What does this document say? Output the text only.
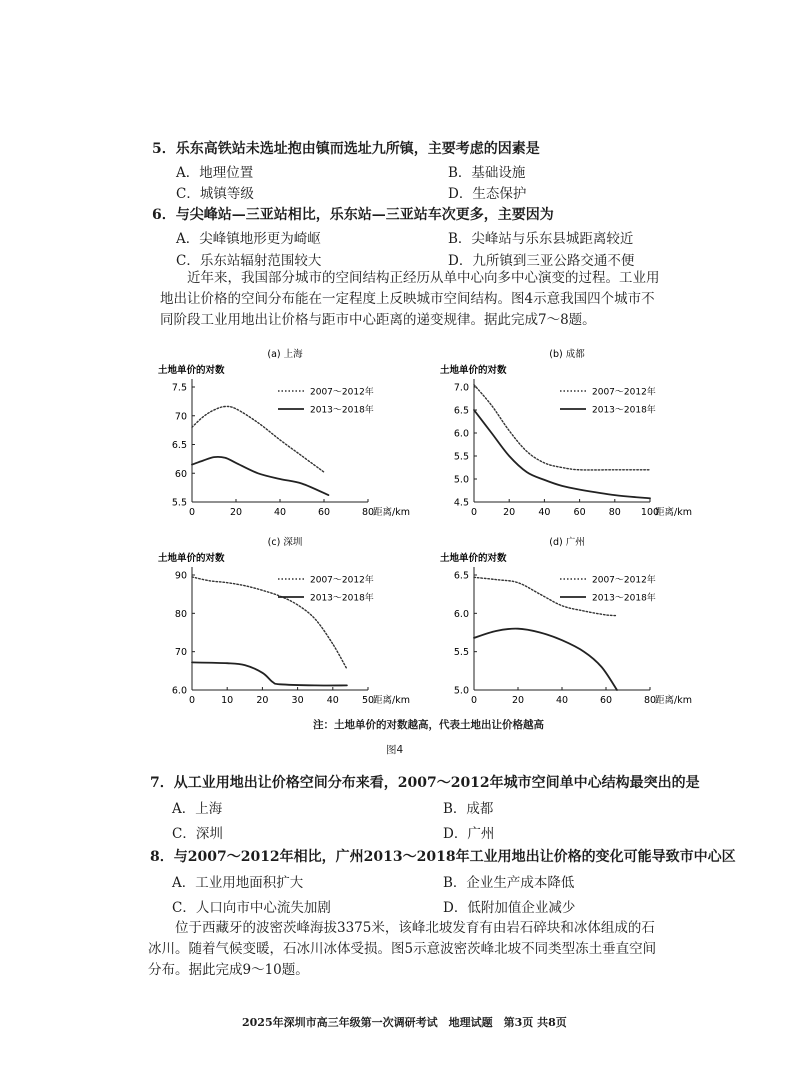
5．乐东高铁站未选址抱由镇而选址九所镇，主要考虑的因素是
A．地理位置	B．基础设施
C．城镇等级	D．生态保护
6．与尖峰站—三亚站相比，乐东站—三亚站车次更多，主要因为
A．尖峰镇地形更为崎岖	B．尖峰站与乐东县城距离较近
C．乐东站辐射范围较大	D．九所镇到三亚公路交通不便
近年来，我国部分城市的空间结构正经历从单中心向多中心演变的过程。工业用地出让价格的空间分布能在一定程度上反映城市空间结构。图4示意我国四个城市不同阶段工业用地出让价格与距市中心距离的递变规律。据此完成7～8题。
(a) 上海
土地单价的对数
7.5
70
6.5
60
5.5
0	20	40	60	80
距离/km
2007～2012年
2013～2018年
(b) 成都
土地单价的对数
7.0
6.5
6.0
5.5
5.0
4.5
0	20 40 60 80 100
距离/km
2007～2012年
2013～2018年
(c) 深圳
土地单价的对数
90
80
70
6.0
0	10 20 30 40 50
距离/km
2007～2012年
2013～2018年
(d) 广州
土地单价的对数
6.5
6.0
5.5
5.0
0	20	40	60	80
距离/km
2007～2012年
2013～2018年
注：土地单价的对数越高，代表土地出让价格越高
图4
7．从工业用地出让价格空间分布来看，2007～2012年城市空间单中心结构最突出的是
A．上海	B．成都
C．深圳	D．广州
8．与2007～2012年相比，广州2013～2018年工业用地出让价格的变化可能导致市中心区
A．工业用地面积扩大	B．企业生产成本降低
C．人口向市中心流失加剧	D．低附加值企业减少
位于西藏牙的波密茨峰海拔3375米，该峰北坡发育有由岩石碎块和冰体组成的石冰川。随着气候变暖，石冰川冰体受损。图5示意波密茨峰北坡不同类型冻土垂直空间分布。据此完成9～10题。
2025年深圳市高三年级第一次调研考试　地理试题　第3页 共8页
